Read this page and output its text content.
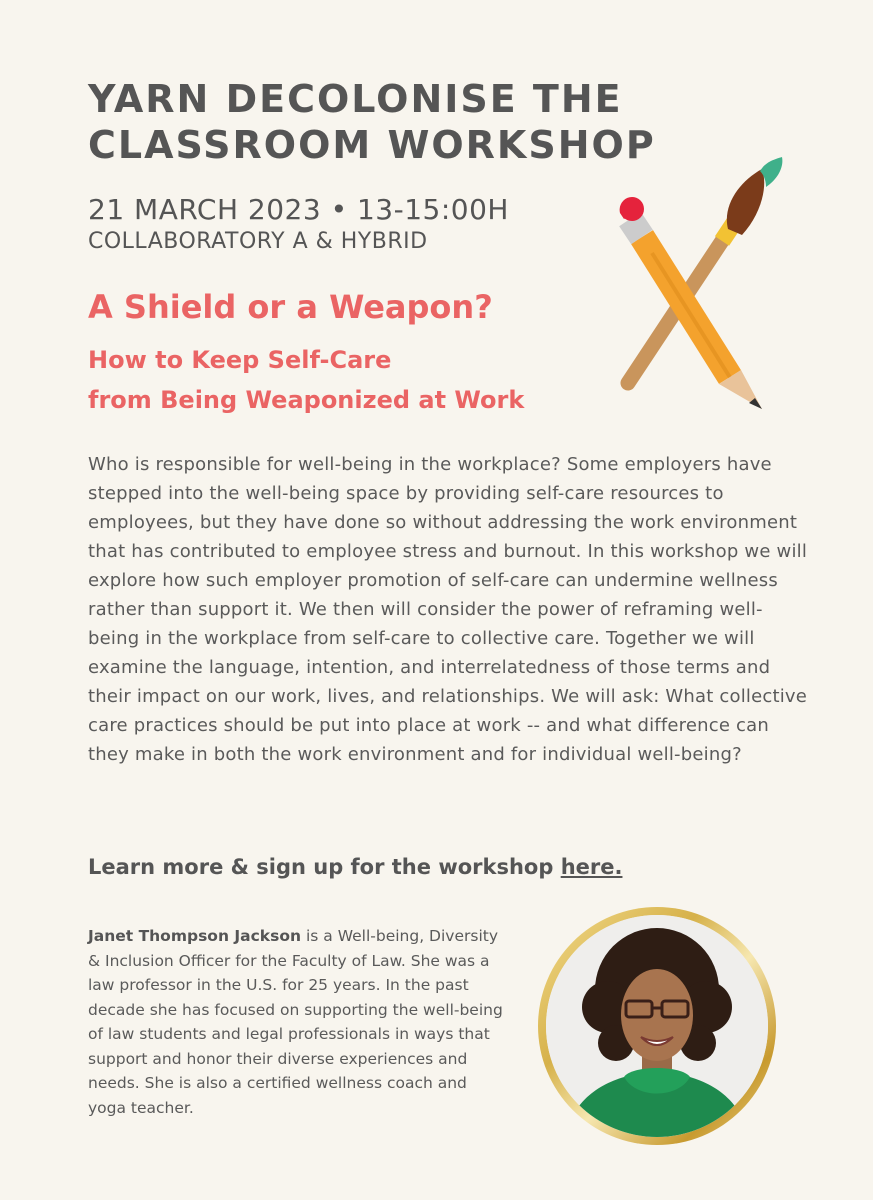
YARN DECOLONISE THE
CLASSROOM WORKSHOP
21 MARCH 2023 • 13-15:00H
COLLABORATORY A & HYBRID
A Shield or a Weapon?
How to Keep Self-Care
from Being Weaponized at Work

Who is responsible for well-being in the workplace? Some employers have stepped into the well-being space by providing self-care resources to employees, but they have done so without addressing the work environment that has contributed to employee stress and burnout. In this workshop we will explore how such employer promotion of self-care can undermine wellness rather than support it. We then will consider the power of reframing well-being in the workplace from self-care to collective care. Together we will examine the language, intention, and interrelatedness of those terms and their impact on our work, lives, and relationships. We will ask: What collective care practices should be put into place at work -- and what difference can they make in both the work environment and for individual well-being?

Learn more & sign up for the workshop here.

Janet Thompson Jackson is a Well-being, Diversity & Inclusion Officer for the Faculty of Law. She was a law professor in the U.S. for 25 years. In the past decade she has focused on supporting the well-being of law students and legal professionals in ways that support and honor their diverse experiences and needs. She is also a certified wellness coach and yoga teacher.
